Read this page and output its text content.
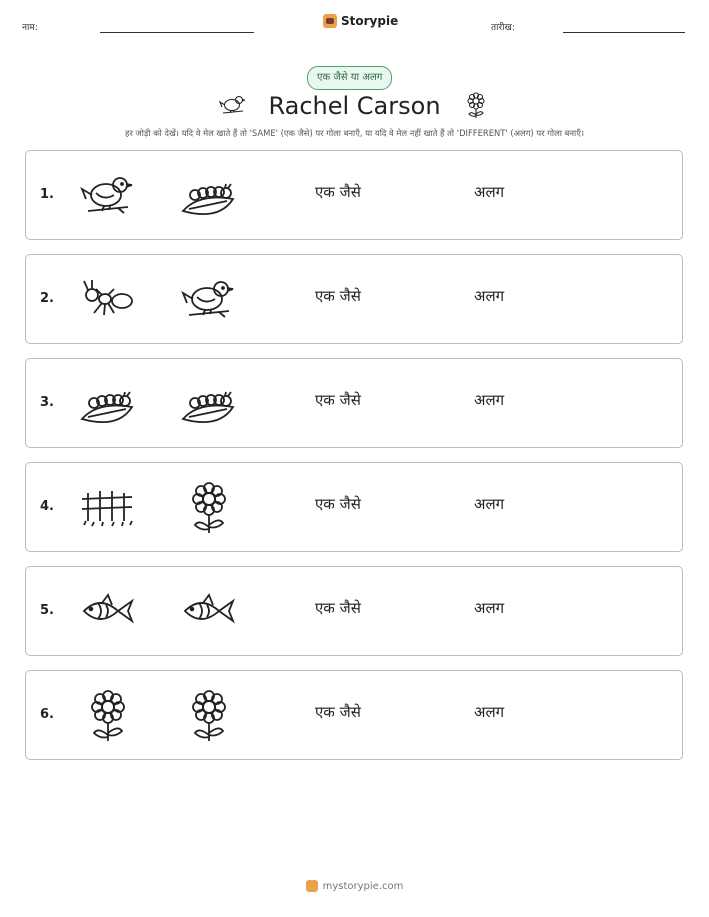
नाम:	Storypie	तारीख:
एक जैसे या अलग
Rachel Carson
हर जोड़ी को देखें। यदि वे मेल खाते हैं तो 'SAME' (एक जैसे) पर गोला बनाएँ, या यदि वे मेल नहीं खाते हैं तो 'DIFFERENT' (अलग) पर गोला बनाएँ।
1.	एक जैसे	अलग
2.	एक जैसे	अलग
3.	एक जैसे	अलग
4.	एक जैसे	अलग
5.	एक जैसे	अलग
6.	एक जैसे	अलग
mystorypie.com
